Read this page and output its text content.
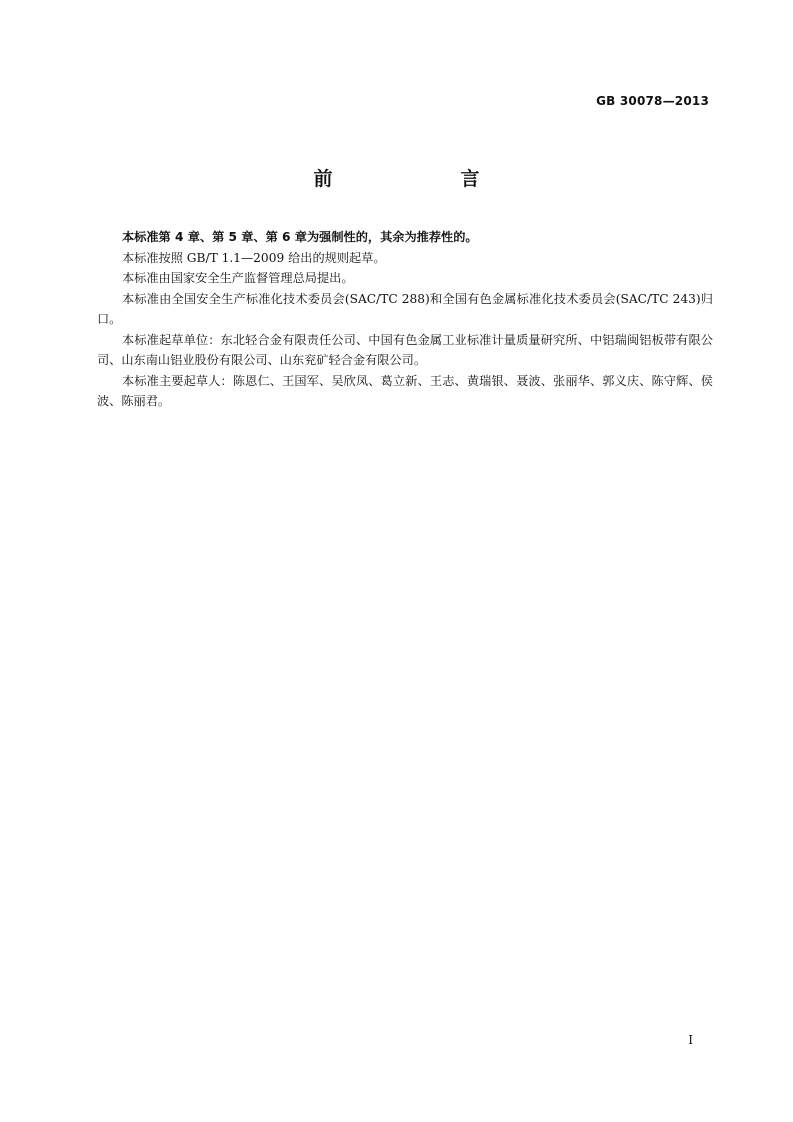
GB 30078—2013
前　　言

本标准第 4 章、第 5 章、第 6 章为强制性的，其余为推荐性的。

本标准按照 GB/T 1.1—2009 给出的规则起草。

本标准由国家安全生产监督管理总局提出。

本标准由全国安全生产标准化技术委员会(SAC/TC 288)和全国有色金属标准化技术委员会(SAC/TC 243)归口。

本标准起草单位：东北轻合金有限责任公司、中国有色金属工业标准计量质量研究所、中铝瑞闽铝板带有限公司、山东南山铝业股份有限公司、山东兖矿轻合金有限公司。

本标准主要起草人：陈恩仁、王国军、吴欣凤、葛立新、王志、黄瑞银、聂波、张丽华、郭义庆、陈守辉、侯波、陈丽君。

I
